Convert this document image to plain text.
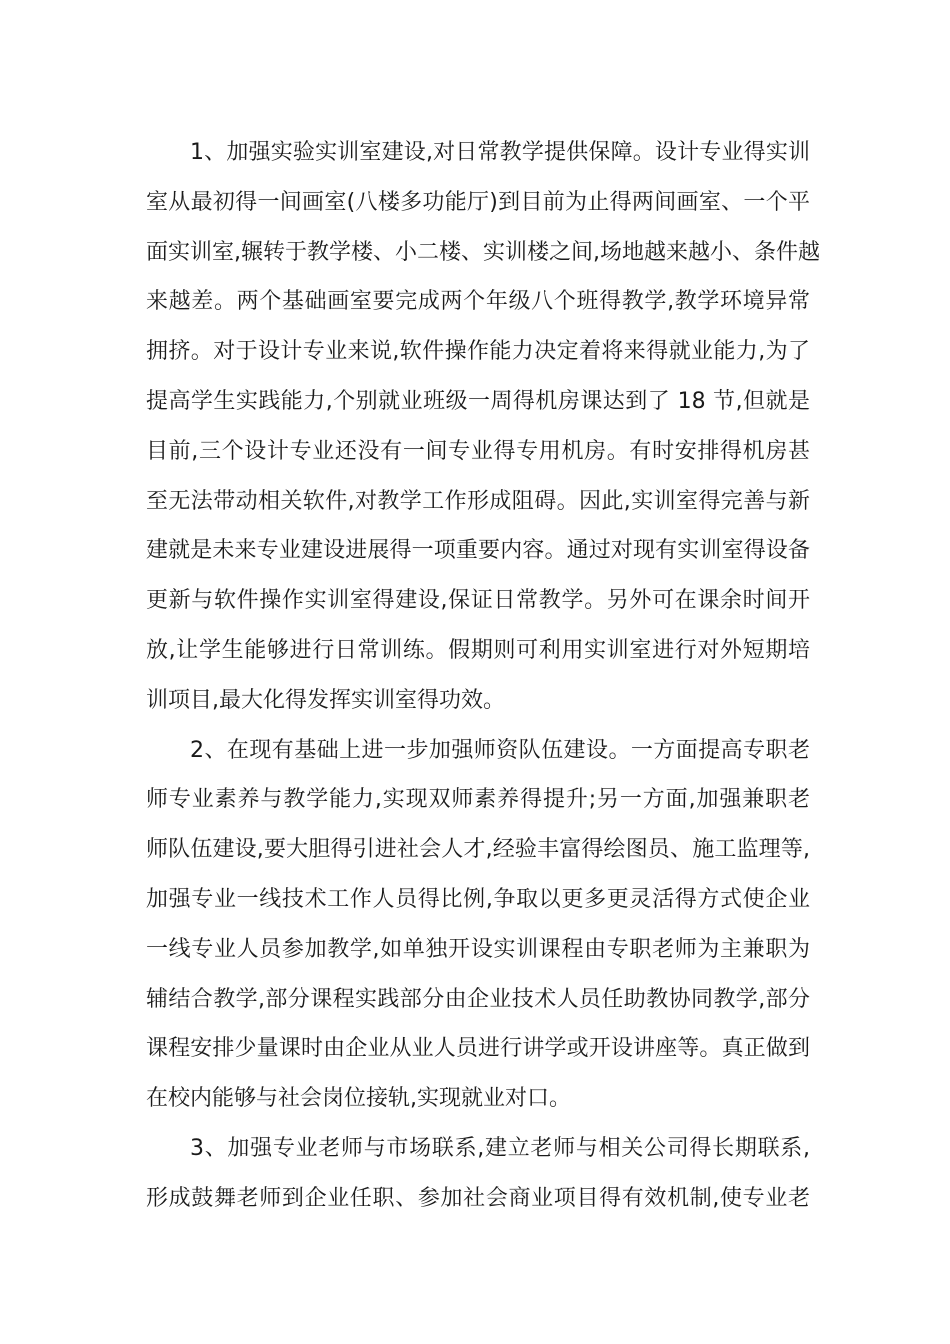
1、加强实验实训室建设,对日常教学提供保障。设计专业得实训
室从最初得一间画室(八楼多功能厅)到目前为止得两间画室、一个平
面实训室,辗转于教学楼、小二楼、实训楼之间,场地越来越小、条件越
来越差。两个基础画室要完成两个年级八个班得教学,教学环境异常
拥挤。对于设计专业来说,软件操作能力决定着将来得就业能力,为了
提高学生实践能力,个别就业班级一周得机房课达到了 18 节,但就是
目前,三个设计专业还没有一间专业得专用机房。有时安排得机房甚
至无法带动相关软件,对教学工作形成阻碍。因此,实训室得完善与新
建就是未来专业建设进展得一项重要内容。通过对现有实训室得设备
更新与软件操作实训室得建设,保证日常教学。另外可在课余时间开
放,让学生能够进行日常训练。假期则可利用实训室进行对外短期培
训项目,最大化得发挥实训室得功效。
2、在现有基础上进一步加强师资队伍建设。一方面提高专职老
师专业素养与教学能力,实现双师素养得提升;另一方面,加强兼职老
师队伍建设,要大胆得引进社会人才,经验丰富得绘图员、施工监理等,
加强专业一线技术工作人员得比例,争取以更多更灵活得方式使企业
一线专业人员参加教学,如单独开设实训课程由专职老师为主兼职为
辅结合教学,部分课程实践部分由企业技术人员任助教协同教学,部分
课程安排少量课时由企业从业人员进行讲学或开设讲座等。真正做到
在校内能够与社会岗位接轨,实现就业对口。
3、加强专业老师与市场联系,建立老师与相关公司得长期联系,
形成鼓舞老师到企业任职、参加社会商业项目得有效机制,使专业老
